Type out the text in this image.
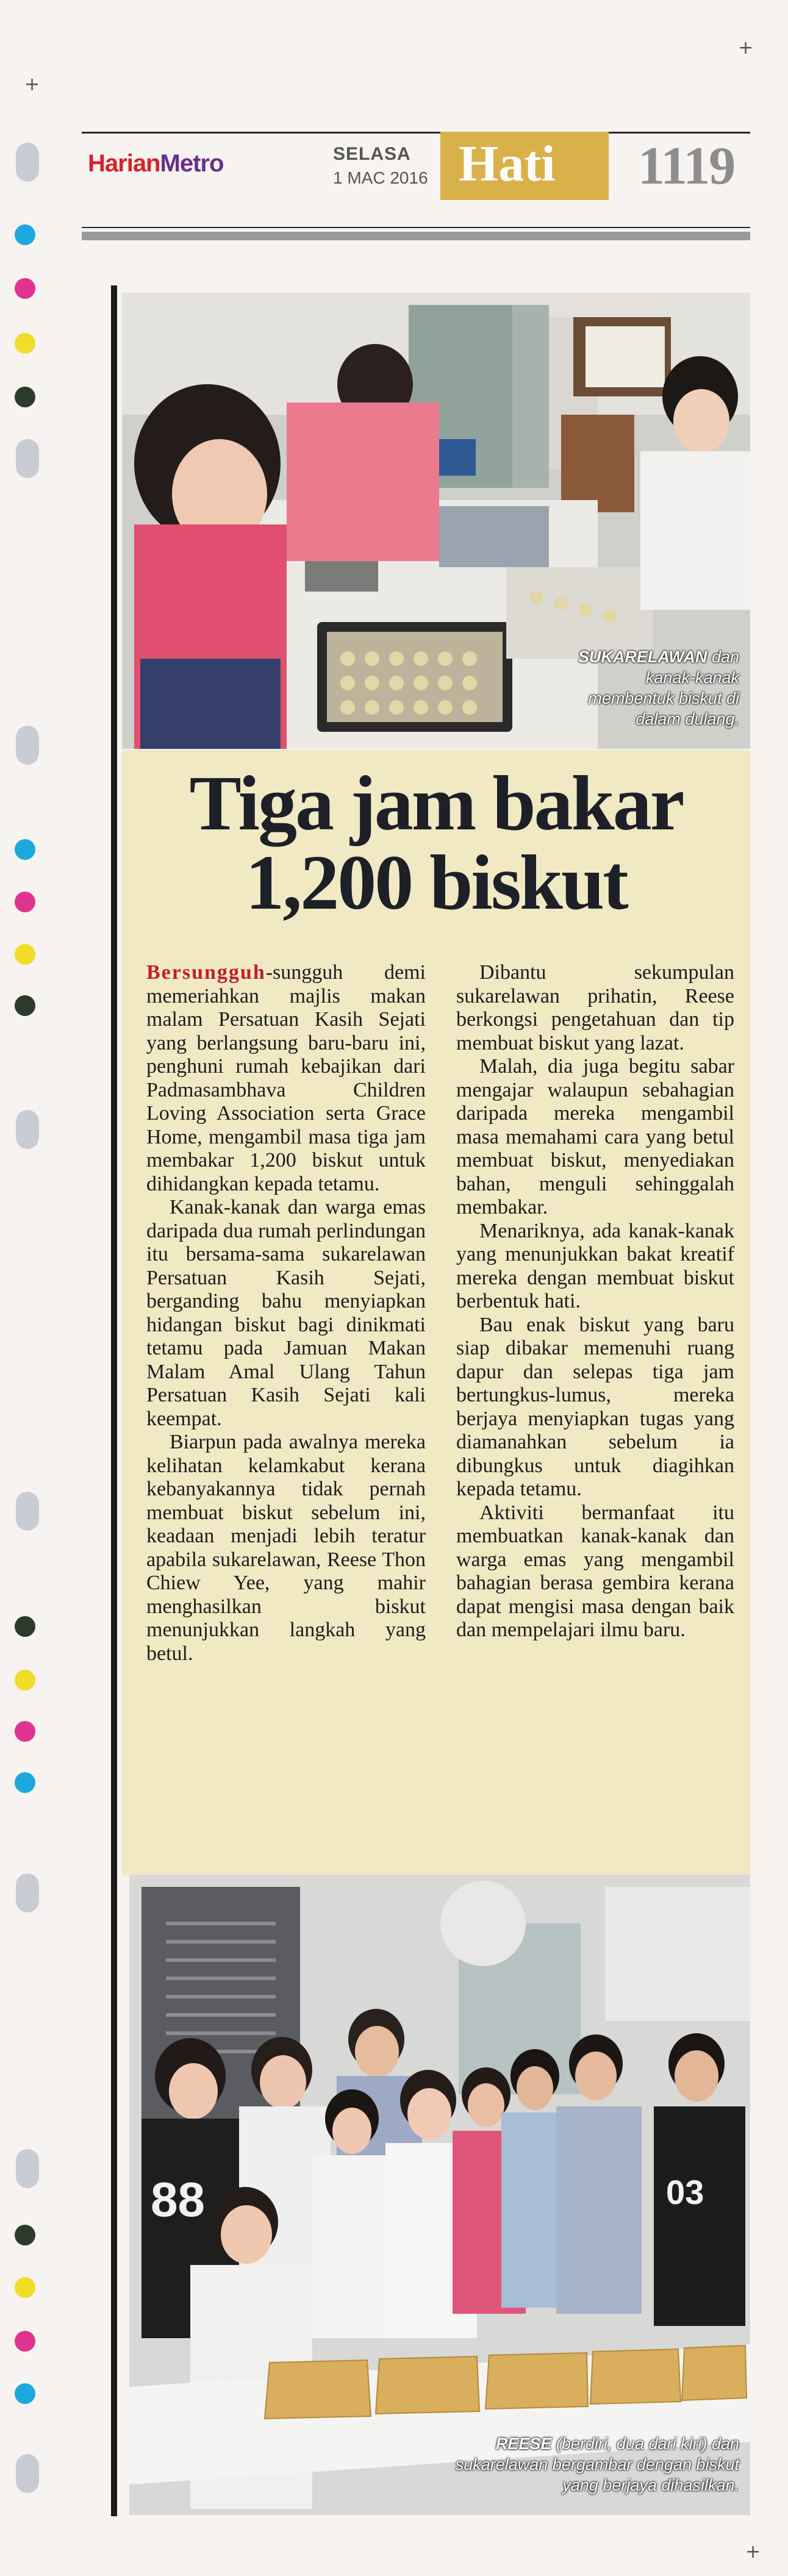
+
+
+
HarianMetro	SELASA
1 MAC 2016 Hati 1119
SUKARELAWAN dan kanak-kanak membentuk biskut di dalam dulang.
Tiga jam bakar
1,200 biskut

Bersungguh-sungguh demi memeriahkan majlis makan malam Persatuan Kasih Sejati yang berlangsung baru-baru ini, penghuni rumah kebajikan dari Padmasambhava Children Loving Association serta Grace Home, mengambil masa tiga jam membakar 1,200 biskut untuk dihidangkan kepada tetamu.

Kanak-kanak dan warga emas daripada dua rumah perlindungan itu bersama-sama sukarelawan Persatuan Kasih Sejati, berganding bahu menyiapkan hidangan biskut bagi dinikmati tetamu pada Jamuan Makan Malam Amal Ulang Tahun Persatuan Kasih Sejati kali keempat.

Biarpun pada awalnya mereka kelihatan kelamkabut kerana kebanyakannya tidak pernah membuat biskut sebelum ini, keadaan menjadi lebih teratur apabila sukarelawan, Reese Thon Chiew Yee, yang mahir menghasilkan biskut menunjukkan langkah yang betul.

Dibantu sekumpulan sukarelawan prihatin, Reese berkongsi pengetahuan dan tip membuat biskut yang lazat.

Malah, dia juga begitu sabar mengajar walaupun sebahagian daripada mereka mengambil masa memahami cara yang betul membuat biskut, menyediakan bahan, menguli sehinggalah membakar.

Menariknya, ada kanak-kanak yang menunjukkan bakat kreatif mereka dengan membuat biskut berbentuk hati.

Bau enak biskut yang baru siap dibakar memenuhi ruang dapur dan selepas tiga jam bertungkus-lumus, mereka berjaya menyiapkan tugas yang diamanahkan sebelum ia dibungkus untuk diagihkan kepada tetamu.

Aktiviti bermanfaat itu membuatkan kanak-kanak dan warga emas yang mengambil bahagian berasa gembira kerana dapat mengisi masa dengan baik dan mempelajari ilmu baru.

88	03
REESE (berdiri, dua dari kiri) dan sukarelawan bergambar dengan biskut yang berjaya dihasilkan.
